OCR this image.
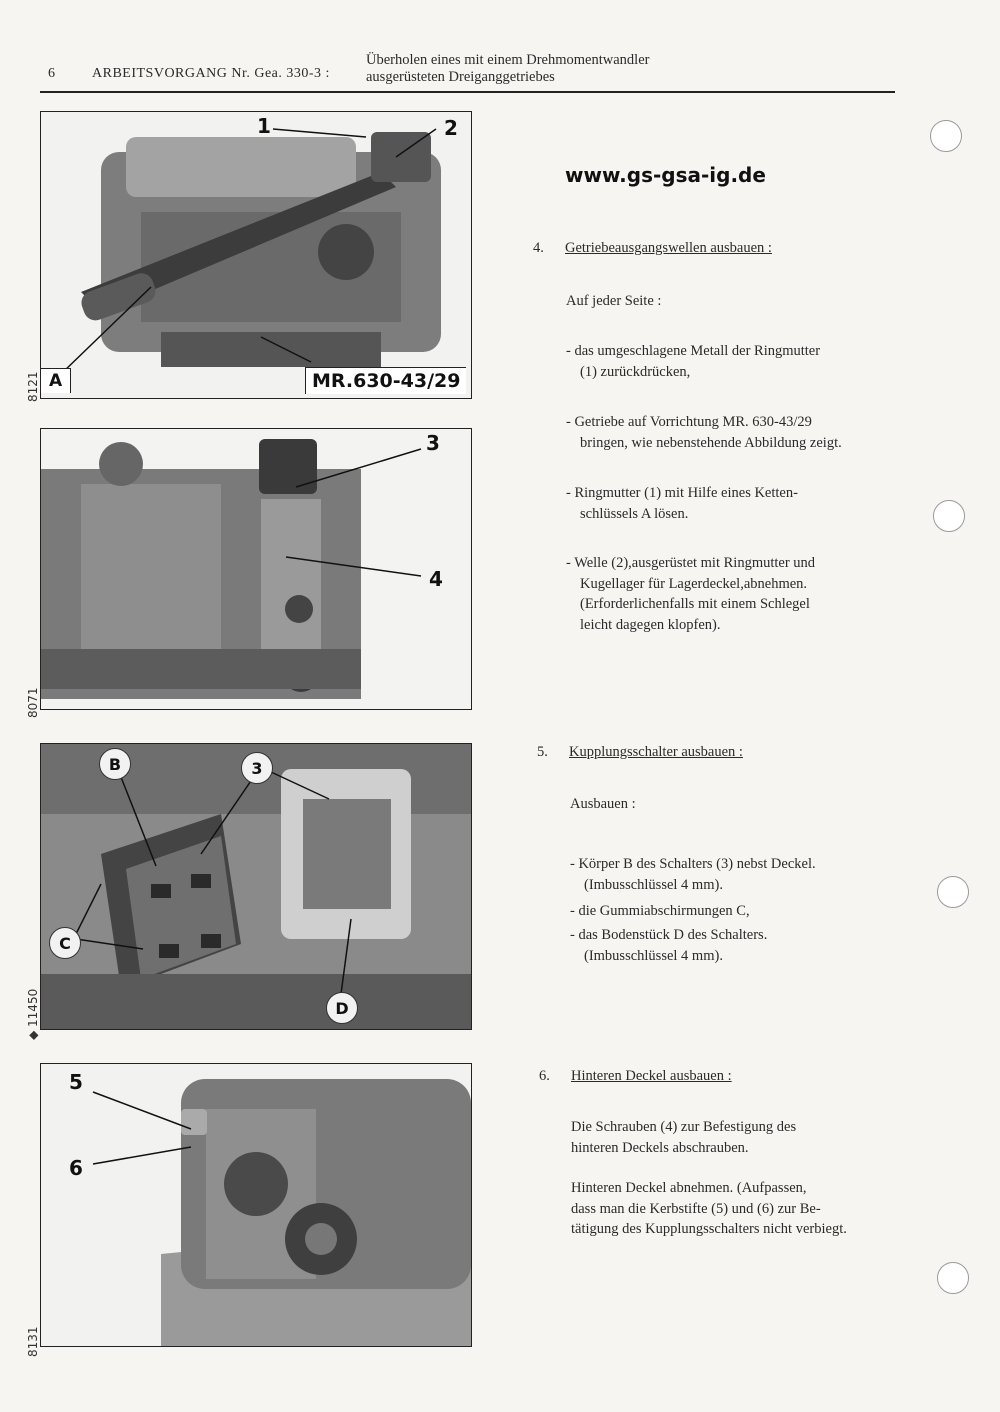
6	ARBEITSVORGANG Nr. Gea. 330-3 :
Überholen eines mit einem Drehmomentwandler
ausgerüsteten Dreiganggetriebes
www.gs-gsa-ig.de
1	2
A	MR.630-43/29
8121
3
4
8071
B	3
C
D
◆ 11450
5
6
8131
4. Getriebeausgangswellen ausbauen :
Auf jeder Seite :
- das umgeschlagene Metall der Ringmutter
(1) zurückdrücken,
- Getriebe auf Vorrichtung MR. 630-43/29
bringen, wie nebenstehende Abbildung zeigt.
- Ringmutter (1) mit Hilfe eines Ketten-
schlüssels A lösen.
- Welle (2),ausgerüstet mit Ringmutter und
Kugellager für Lagerdeckel,abnehmen.
(Erforderlichenfalls mit einem Schlegel
leicht dagegen klopfen).
5. Kupplungsschalter ausbauen :
Ausbauen :
- Körper B des Schalters (3) nebst Deckel.
(Imbusschlüssel 4 mm).
- die Gummiabschirmungen C,
- das Bodenstück D des Schalters.
(Imbusschlüssel 4 mm).
6. Hinteren Deckel ausbauen :
Die Schrauben (4) zur Befestigung des
hinteren Deckels abschrauben.
Hinteren Deckel abnehmen. (Aufpassen,
dass man die Kerbstifte (5) und (6) zur Be-
tätigung des Kupplungsschalters nicht verbiegt.
